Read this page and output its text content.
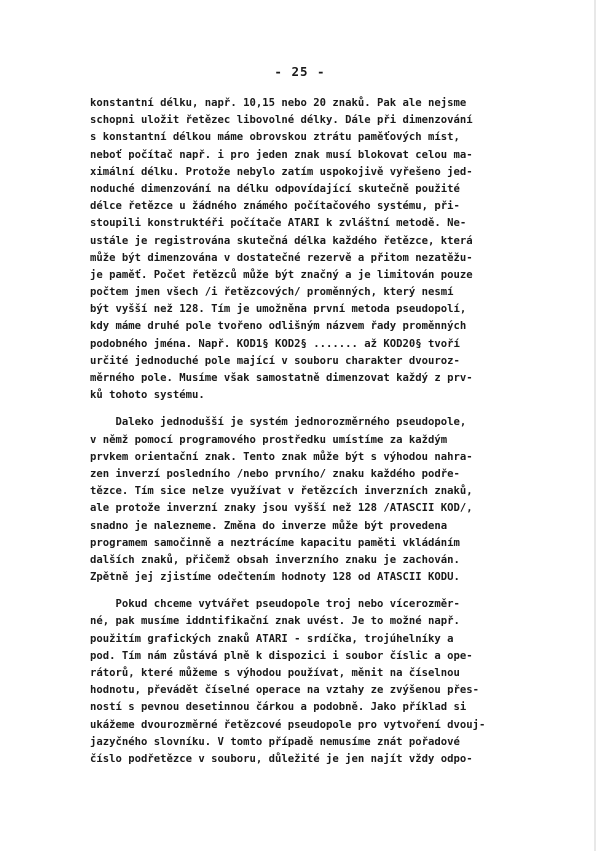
- 25 -
konstantní délku, např. 10,15 nebo 20 znaků. Pak ale nejsme
schopni uložit řetězec libovolné délky. Dále při dimenzování
s konstantní délkou máme obrovskou ztrátu paměťových míst,
neboť počítač např. i pro jeden znak musí blokovat celou ma-
ximální délku. Protože nebylo zatím uspokojivě vyřešeno jed-
noduché dimenzování na délku odpovídající skutečně použité
délce řetězce u žádného známého počítačového systému, při-
stoupili konstruktéři počítače ATARI k zvláštní metodě. Ne-
ustále je registrována skutečná délka každého řetězce, která
může být dimenzována v dostatečné rezervě a přitom nezatěžu-
je paměť. Počet řetězců může být značný a je limitován pouze
počtem jmen všech /i řetězcových/ proměnných, který nesmí
být vyšší než 128. Tím je umožněna první metoda pseudopolí,
kdy máme druhé pole tvořeno odlišným názvem řady proměnných
podobného jména. Např. KOD1§ KOD2§ ....... až KOD20§ tvoří
určité jednoduché pole mající v souboru charakter dvouroz-
měrného pole. Musíme však samostatně dimenzovat každý z prv-
ků tohoto systému.
Daleko jednodušší je systém jednorozměrného pseudopole,
v němž pomocí programového prostředku umístíme za každým
prvkem orientační znak. Tento znak může být s výhodou nahra-
zen inverzí posledního /nebo prvního/ znaku každého podře-
tězce. Tím sice nelze využívat v řetězcích inverzních znaků,
ale protože inverzní znaky jsou vyšší než 128 /ATASCII KOD/,
snadno je nalezneme. Změna do inverze může být provedena
programem samočinně a neztrácíme kapacitu paměti vkládáním
dalších znaků, přičemž obsah inverzního znaku je zachován.
Zpětně jej zjistíme odečtením hodnoty 128 od ATASCII KODU.
Pokud chceme vytvářet pseudopole troj nebo vícerozměr-
né, pak musíme iddntifikační znak uvést. Je to možné např.
použitím grafických znaků ATARI - srdíčka, trojúhelníky a
pod. Tím nám zůstává plně k dispozici i soubor číslic a ope-
rátorů, které můžeme s výhodou používat, měnit na číselnou
hodnotu, převádět číselné operace na vztahy ze zvýšenou přes-
ností s pevnou desetinnou čárkou a podobně. Jako příklad si
ukážeme dvourozměrné řetězcové pseudopole pro vytvoření dvouj-
jazyčného slovníku. V tomto případě nemusíme znát pořadové
číslo podřetězce v souboru, důležité je jen najít vždy odpo-
